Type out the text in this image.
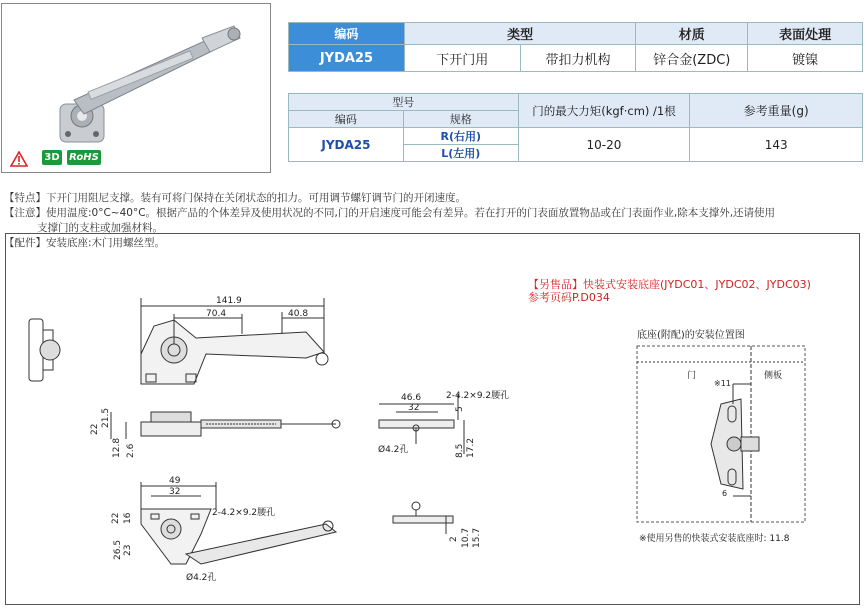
3D RoHS
编码	类型		材质	表面处理
JYDA25	下开门用	带扣力机构	锌合金(ZDC)	镀镍
型号		门的最大力矩(kgf·cm) /1根	参考重量(g)
编码	规格		
JYDA25	R(右用)	10-20	143
	L(左用)		
【特点】下开门用阻尼支撑。装有可将门保持在关闭状态的扣力。可用调节螺钉调节门的开闭速度。
【注意】使用温度:0°C~40°C。根据产品的个体差异及使用状况的不同,门的开启速度可能会有差异。若在打开的门表面放置物品或在门表面作业,除本支撑外,还请使用
支撑门的支柱或加强材料。
【配件】安装底座:木门用螺丝型。
141.9
70.4	40.8
22
21.5
12.8 2.6
46.6
32
2-4.2×9.2腰孔
5
Ø4.2孔	8.5 17.2
49
32
2-4.2×9.2腰孔
22 16
26.5 23
Ø4.2孔
2 10.7 15.7
【另售品】快装式安装底座(JYDC01、JYDC02、JYDC03)
参考页码P.D034
底座(附配)的安装位置图
门	侧板
※11
6
※使用另售的快装式安装底座时: 11.8
